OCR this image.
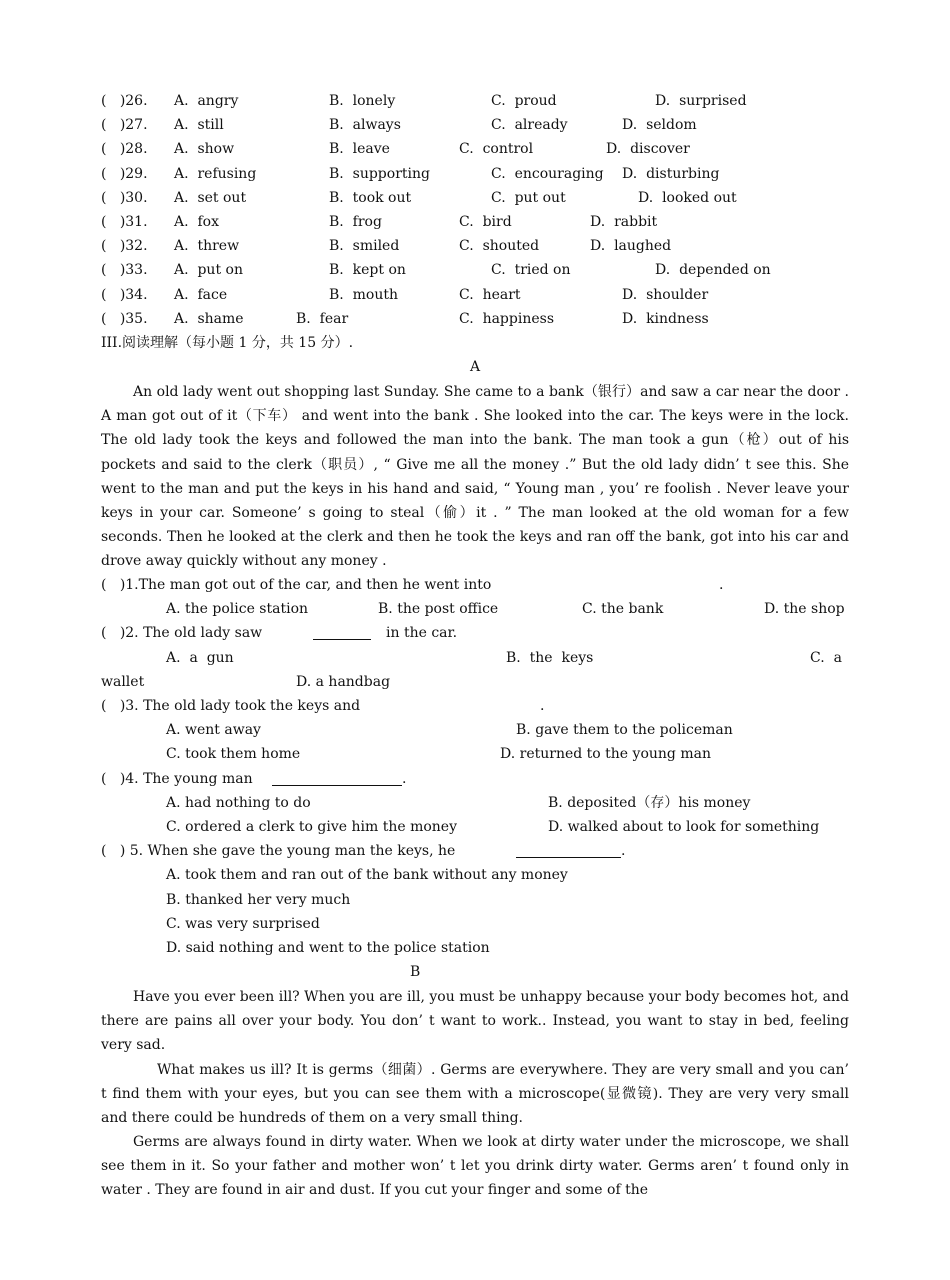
(   )26. A.  angry	B.  lonely	C.  proud	D.  surprised
(   )27. A.  still	B.  always	C.  already	D.  seldom
(   )28. A.  show	B.  leave	C.  control	D.  discover
(   )29. A.  refusing	B.  supporting	C.  encouraging D.  disturbing
(   )30. A.  set out	B.  took out	C.  put out	D.  looked out
(   )31. A.  fox	B.  frog	C.  bird	D.  rabbit
(   )32. A.  threw	B.  smiled	C.  shouted	D.  laughed
(   )33. A.  put on	B.  kept on	C.  tried on	D.  depended on
(   )34. A.  face	B.  mouth	C.  heart	D.  shoulder
(   )35. A.  shame	B.  fear	C.  happiness	D.  kindness
III.阅读理解（每小题 1 分，共 15 分）.
A
An old lady went out shopping last Sunday. She came to a bank（银行）and saw a car near the door . A man got out of it（下车） and went into the bank . She looked into the car. The keys were in the lock. The old lady took the keys and followed the man into the bank. The man took a gun（枪）out of his pockets and said to the clerk（职员）, “ Give me all the money .” But the old lady didn’ t see this. She went to the man and put the keys in his hand and said, “ Young man , you’ re foolish . Never leave your keys in your car. Someone’ s going to steal（偷）it . ” The man looked at the old woman for a few seconds. Then he looked at the clerk and then he took the keys and ran off the bank, got into his car and drove away quickly without any money .
(   )1.The man got out of the car, and then he went into	.
A. the police station	B. the post office	C. the bank	D. the shop
(   )2. The old lady saw	in the car.
A.  a  gun	B.  the  keys	C.  a
wallet	D. a handbag
(   )3. The old lady took the keys and	.
A. went away	B. gave them to the policeman
C. took them home	D. returned to the young man
(   )4. The young man	.
A. had nothing to do	B. deposited（存）his money
C. ordered a clerk to give him the money	D. walked about to look for something
(   ) 5. When she gave the young man the keys, he	.
A. took them and ran out of the bank without any money
B. thanked her very much
C. was very surprised
D. said nothing and went to the police station
B
Have you ever been ill? When you are ill, you must be unhappy because your body becomes hot, and there are pains all over your body. You don’ t want to work.. Instead, you want to stay in bed, feeling very sad.
What makes us ill? It is germs（细菌）. Germs are everywhere. They are very small and you can’ t find them with your eyes, but you can see them with a microscope(显微镜). They are very very small and there could be hundreds of them on a very small thing.
Germs are always found in dirty water. When we look at dirty water under the microscope, we shall see them in it. So your father and mother won’ t let you drink dirty water. Germs aren’ t found only in water . They are found in air and dust. If you cut your finger and some of the
